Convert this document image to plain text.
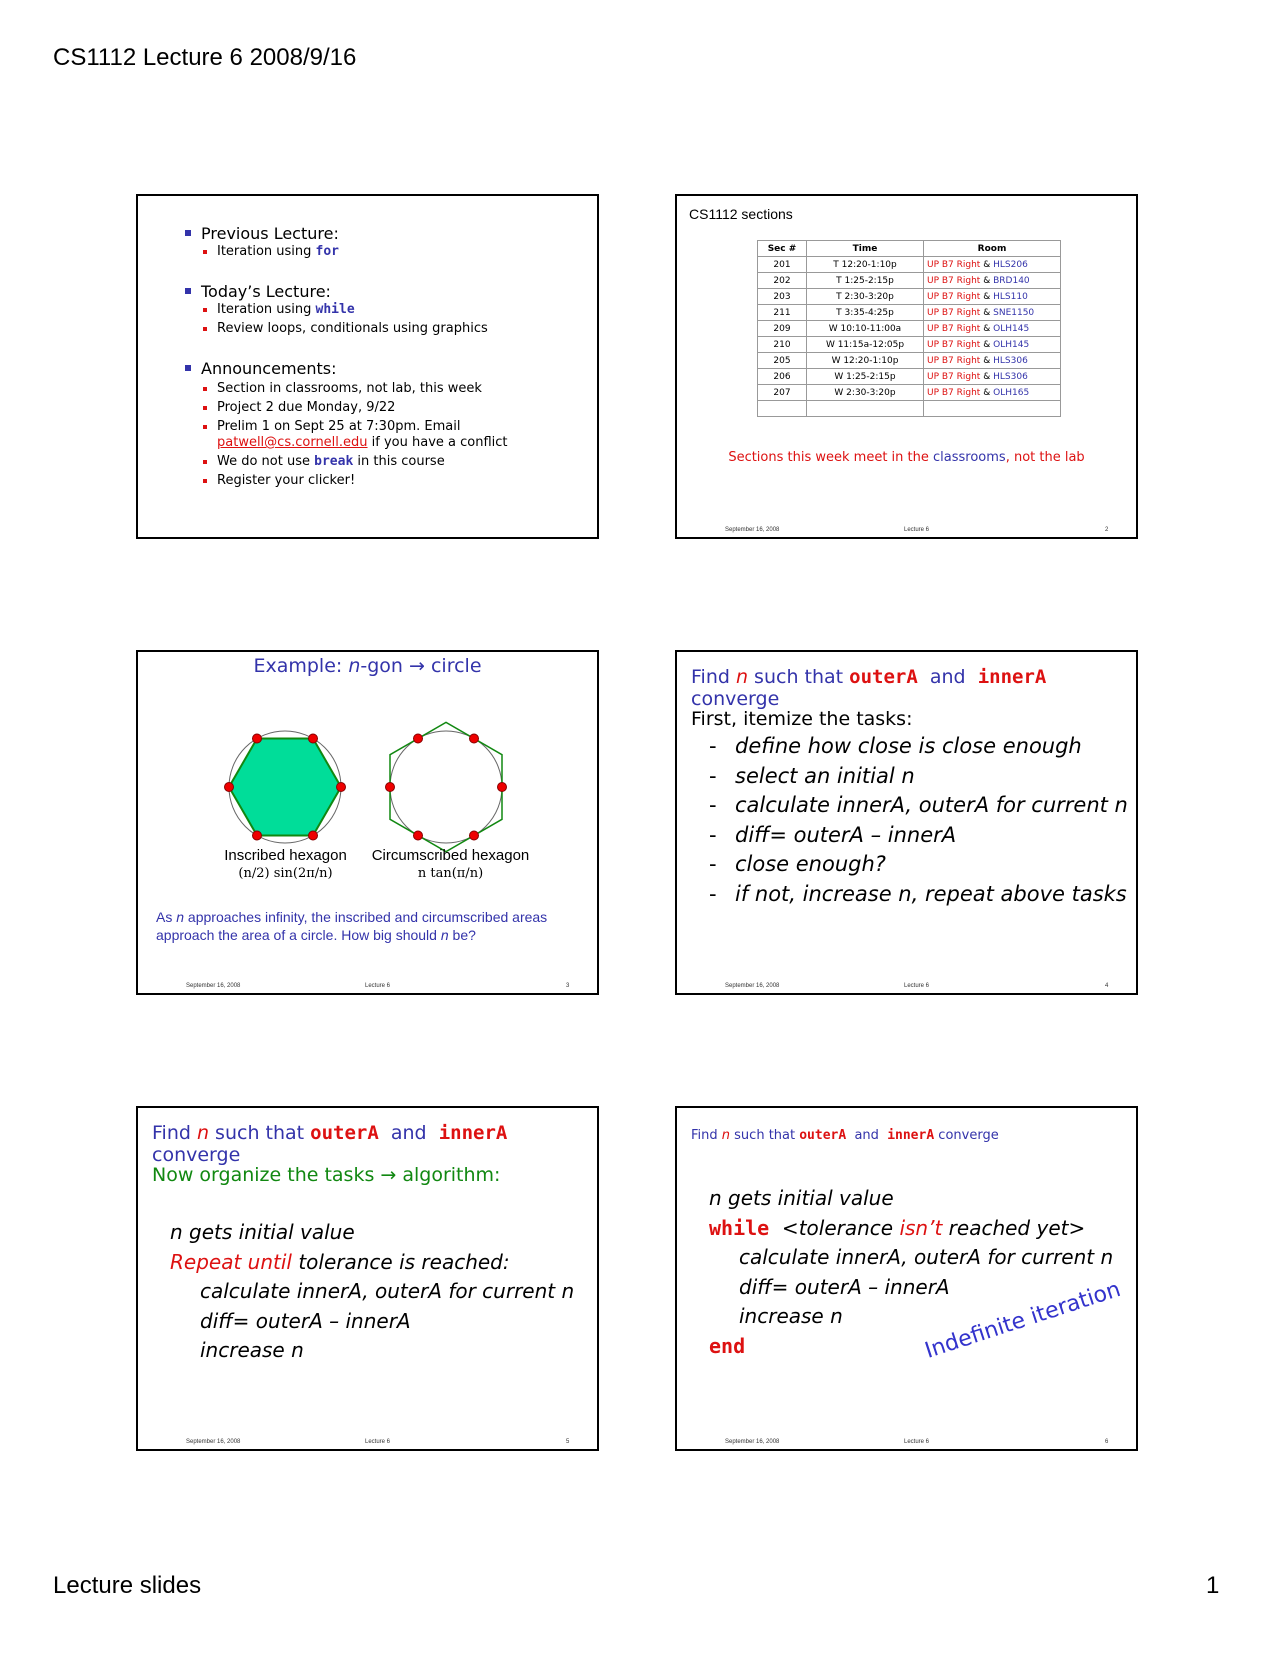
CS1112 Lecture 6 2008/9/16
Previous Lecture:
Iteration using for
Today’s Lecture:
Iteration using while
Review loops, conditionals using graphics
Announcements:
Section in classrooms, not lab, this week
Project 2 due Monday, 9/22
Prelim 1 on Sept 25 at 7:30pm. Email
patwell@cs.cornell.edu if you have a conflict
We do not use break in this course
Register your clicker!
CS1112 sections
Sec #	Time	Room
201	T 12:20-1:10p	UP B7 Right & HLS206
202	T 1:25-2:15p	UP B7 Right & BRD140
203	T 2:30-3:20p	UP B7 Right & HLS110
211	T 3:35-4:25p	UP B7 Right & SNE1150
209	W 10:10-11:00a	UP B7 Right & OLH145
210	W 11:15a-12:05p	UP B7 Right & OLH145
205	W 12:20-1:10p	UP B7 Right & HLS306
206	W 1:25-2:15p	UP B7 Right & HLS306
207	W 2:30-3:20p	UP B7 Right & OLH165

Sections this week meet in the classrooms, not the lab
September 16, 2008	Lecture 6	2
Example: n-gon → circle
Inscribed hexagon
(n/2) sin(2π/n)
Circumscribed hexagon
n tan(π/n)
As n approaches infinity, the inscribed and circumscribed areas approach the area of a circle. How big should n be?
September 16, 2008	Lecture 6	3
Find n such that outerA  and  innerA converge
First, itemize the tasks:
- define how close is close enough
- select an initial n
- calculate innerA, outerA for current n
- diff= outerA – innerA
- close enough?
- if not, increase n, repeat above tasks
September 16, 2008	Lecture 6	4
Find n such that outerA  and  innerA converge
Now organize the tasks → algorithm:
n gets initial value
Repeat until tolerance is reached:
calculate innerA, outerA for current n
diff= outerA – innerA
increase n
September 16, 2008	Lecture 6	5
Find n such that outerA  and  innerA converge
n gets initial value
while  <tolerance isn’t reached yet>
calculate innerA, outerA for current n
diff= outerA – innerA
increase n
end	Indefinite iteration
September 16, 2008	Lecture 6	6
Lecture slides	1
